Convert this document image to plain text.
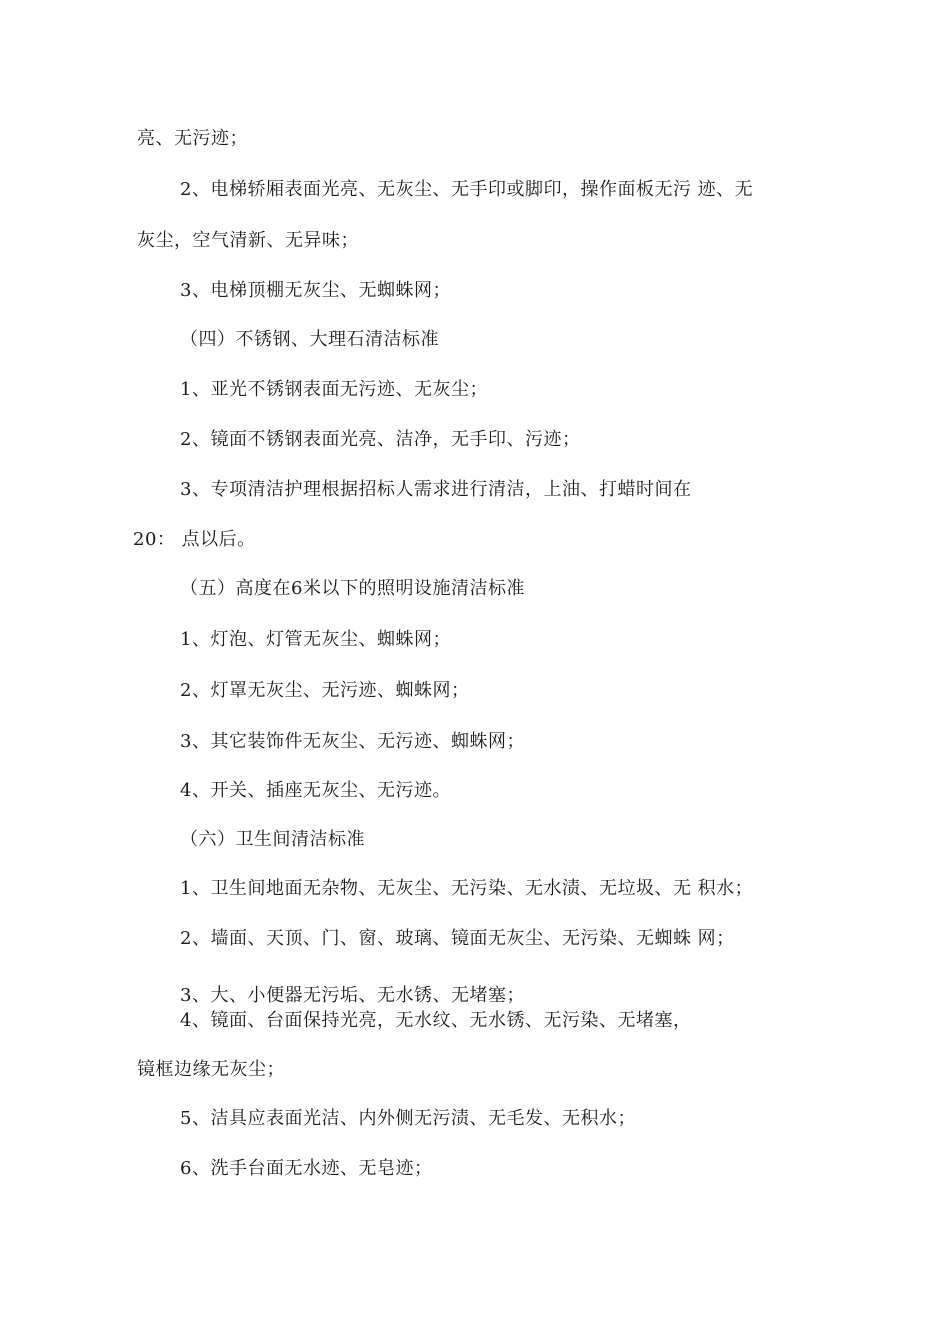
亮、无污迹；
2、电梯轿厢表面光亮、无灰尘、无手印或脚印，操作面板无污 迹、无
灰尘，空气清新、无异味；
3、电梯顶棚无灰尘、无蜘蛛网；
（四）不锈钢、大理石清洁标准
1、亚光不锈钢表面无污迹、无灰尘；
2、镜面不锈钢表面光亮、洁净，无手印、污迹；
3、专项清洁护理根据招标人需求进行清洁，上油、打蜡时间在
20： 点以后。
（五）高度在6米以下的照明设施清洁标准
1、灯泡、灯管无灰尘、蜘蛛网；
2、灯罩无灰尘、无污迹、蜘蛛网；
3、其它装饰件无灰尘、无污迹、蜘蛛网；
4、开关、插座无灰尘、无污迹。
（六）卫生间清洁标准
1、卫生间地面无杂物、无灰尘、无污染、无水渍、无垃圾、无 积水；
2、墙面、天顶、门、窗、玻璃、镜面无灰尘、无污染、无蜘蛛 网；
3、大、小便器无污垢、无水锈、无堵塞；
4、镜面、台面保持光亮，无水纹、无水锈、无污染、无堵塞，
镜框边缘无灰尘；
5、洁具应表面光洁、内外侧无污渍、无毛发、无积水；
6、洗手台面无水迹、无皂迹；
